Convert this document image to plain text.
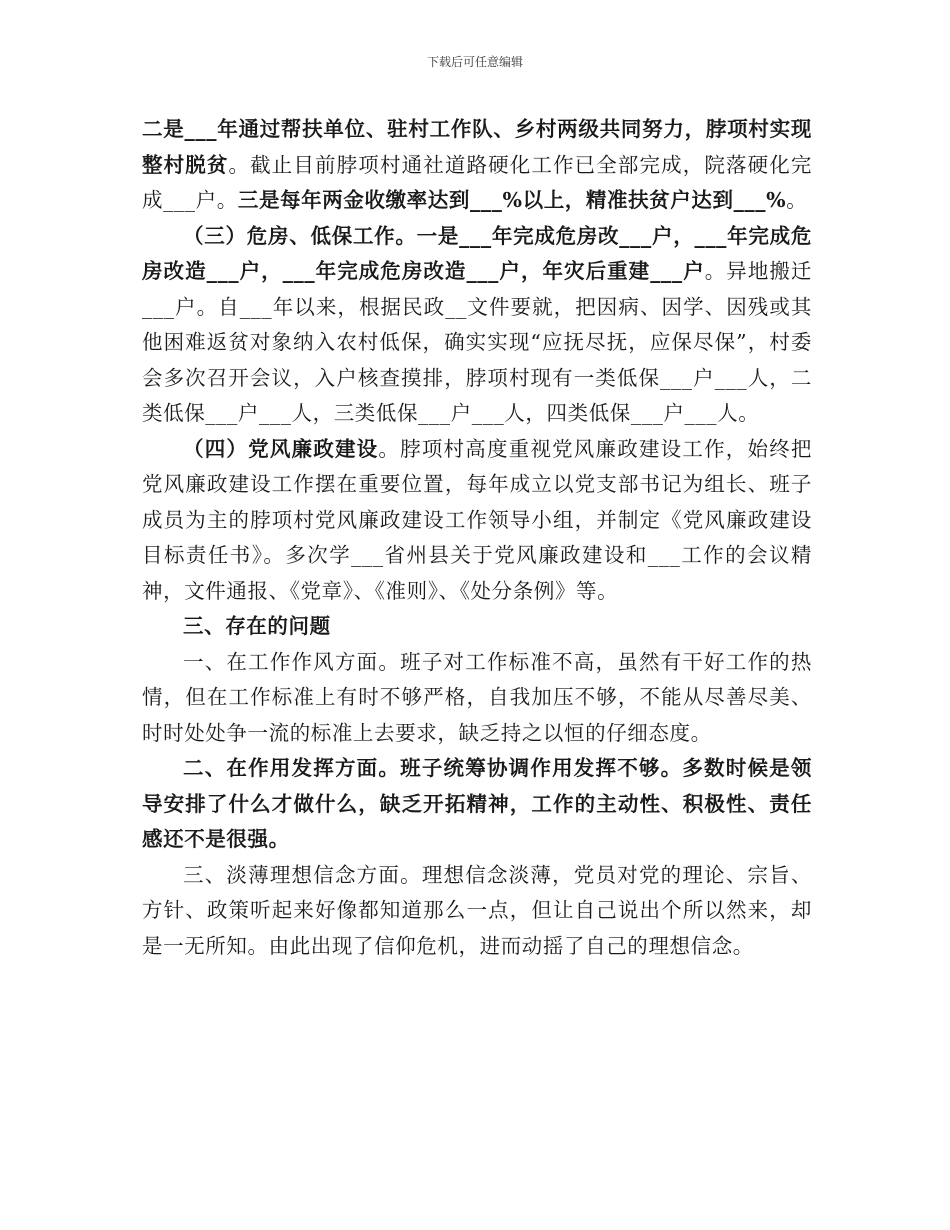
下载后可任意编辑

二是___年通过帮扶单位、驻村工作队、乡村两级共同努力，脖项村实现整村脱贫。截止目前脖项村通社道路硬化工作已全部完成，院落硬化完成___户。三是每年两金收缴率达到___%以上，精准扶贫户达到___%。

（三）危房、低保工作。一是___年完成危房改___户，___年完成危房改造___户，___年完成危房改造___户，年灾后重建___户。异地搬迁___户。自___年以来，根据民政__文件要就，把因病、因学、因残或其他困难返贫对象纳入农村低保，确实实现“应抚尽抚，应保尽保”，村委会多次召开会议，入户核查摸排，脖项村现有一类低保___户___人，二类低保___户___人，三类低保___户___人，四类低保___户___人。

（四）党风廉政建设。脖项村高度重视党风廉政建设工作，始终把党风廉政建设工作摆在重要位置，每年成立以党支部书记为组长、班子成员为主的脖项村党风廉政建设工作领导小组，并制定《党风廉政建设目标责任书》。多次学___省州县关于党风廉政建设和___工作的会议精神，文件通报、《党章》、《准则》、《处分条例》等。

三、存在的问题

一、在工作作风方面。班子对工作标准不高，虽然有干好工作的热情，但在工作标准上有时不够严格，自我加压不够，不能从尽善尽美、时时处处争一流的标准上去要求，缺乏持之以恒的仔细态度。

二、在作用发挥方面。班子统筹协调作用发挥不够。多数时候是领导安排了什么才做什么，缺乏开拓精神，工作的主动性、积极性、责任感还不是很强。

三、淡薄理想信念方面。理想信念淡薄，党员对党的理论、宗旨、方针、政策听起来好像都知道那么一点，但让自己说出个所以然来，却是一无所知。由此出现了信仰危机，进而动摇了自己的理想信念。
